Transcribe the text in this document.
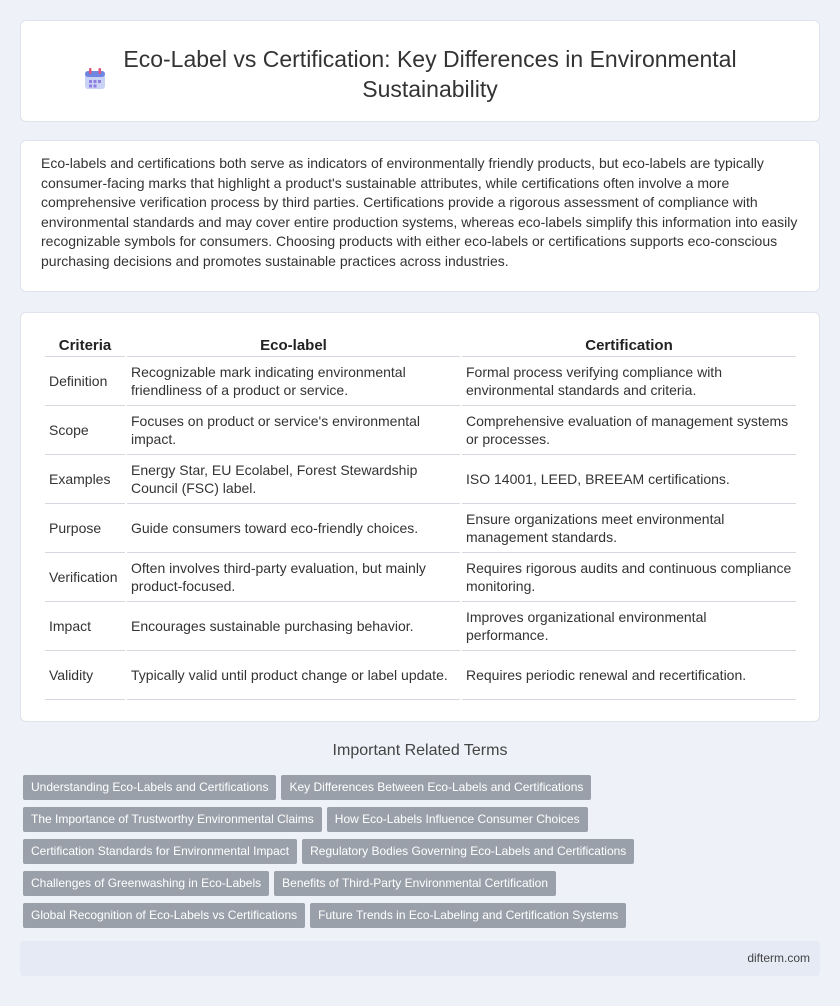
Eco-Label vs Certification: Key Differences in Environmental Sustainability

Eco-labels and certifications both serve as indicators of environmentally friendly products, but eco-labels are typically consumer-facing marks that highlight a product's sustainable attributes, while certifications often involve a more comprehensive verification process by third parties. Certifications provide a rigorous assessment of compliance with environmental standards and may cover entire production systems, whereas eco-labels simplify this information into easily recognizable symbols for consumers. Choosing products with either eco-labels or certifications supports eco-conscious purchasing decisions and promotes sustainable practices across industries.

Criteria	Eco-label	Certification
Definition	Recognizable mark indicating environmental friendliness of a product or service.	Formal process verifying compliance with environmental standards and criteria.
Scope	Focuses on product or service's environmental impact.	Comprehensive evaluation of management systems or processes.
Examples	Energy Star, EU Ecolabel, Forest Stewardship Council (FSC) label.	ISO 14001, LEED, BREEAM certifications.
Purpose	Guide consumers toward eco-friendly choices.	Ensure organizations meet environmental management standards.
Verification	Often involves third-party evaluation, but mainly product-focused.	Requires rigorous audits and continuous compliance monitoring.
Impact	Encourages sustainable purchasing behavior.	Improves organizational environmental performance.
Validity	Typically valid until product change or label update.	Requires periodic renewal and recertification.
Important Related Terms
Understanding Eco-Labels and Certifications Key Differences Between Eco-Labels and Certifications
The Importance of Trustworthy Environmental Claims How Eco-Labels Influence Consumer Choices
Certification Standards for Environmental Impact Regulatory Bodies Governing Eco-Labels and Certifications
Challenges of Greenwashing in Eco-Labels Benefits of Third-Party Environmental Certification
Global Recognition of Eco-Labels vs Certifications Future Trends in Eco-Labeling and Certification Systems
difterm.com
